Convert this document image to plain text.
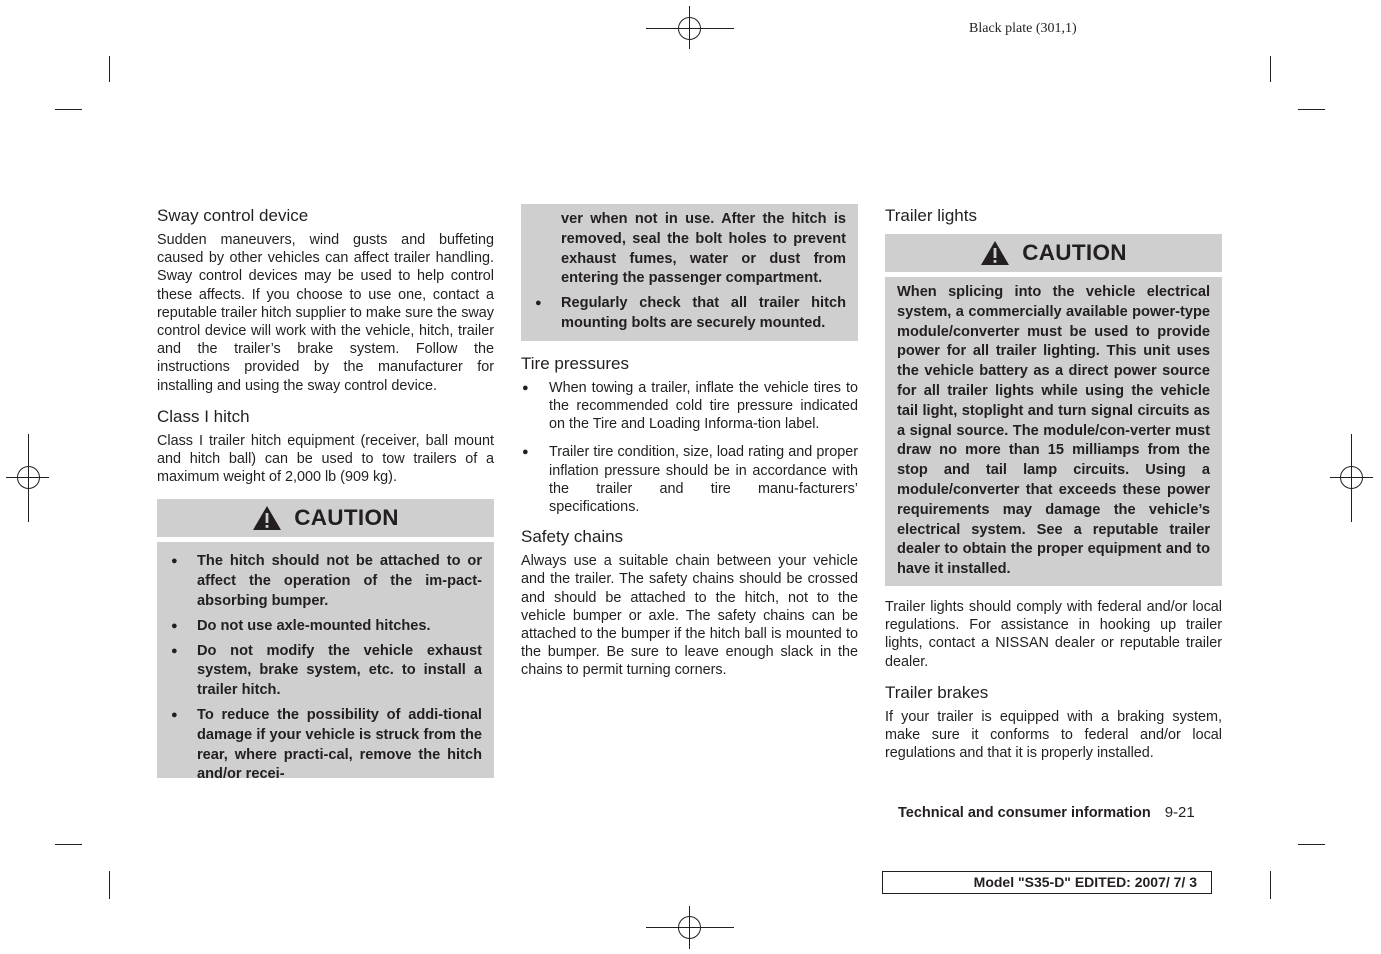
Black plate (301,1)
Sway control device

Sudden maneuvers, wind gusts and buffeting caused by other vehicles can affect trailer handling. Sway control devices may be used to help control these affects. If you choose to use one, contact a reputable trailer hitch supplier to make sure the sway control device will work with the vehicle, hitch, trailer and the trailer’s brake system. Follow the instructions provided by the manufacturer for installing and using the sway control device.

Class I hitch

Class I trailer hitch equipment (receiver, ball mount and hitch ball) can be used to tow trailers of a maximum weight of 2,000 lb (909 kg).

CAUTION
● The hitch should not be attached to or affect the operation of the im-pact-absorbing bumper.
● Do not use axle-mounted hitches.
● Do not modify the vehicle exhaust system, brake system, etc. to install a trailer hitch.
● To reduce the possibility of addi-tional damage if your vehicle is struck from the rear, where practi-cal, remove the hitch and/or recei-

ver when not in use. After the hitch is removed, seal the bolt holes to prevent exhaust fumes, water or dust from entering the passenger compartment.

● Regularly check that all trailer hitch mounting bolts are securely mounted.
Tire pressures
● When towing a trailer, inflate the vehicle tires to the recommended cold tire pressure indicated on the Tire and Loading Informa-tion label.
● Trailer tire condition, size, load rating and proper inflation pressure should be in accordance with the trailer and tire manu-facturers’ specifications.
Safety chains

Always use a suitable chain between your vehicle and the trailer. The safety chains should be crossed and should be attached to the hitch, not to the vehicle bumper or axle. The safety chains can be attached to the bumper if the hitch ball is mounted to the bumper. Be sure to leave enough slack in the chains to permit turning corners.

Trailer lights
CAUTION

When splicing into the vehicle electrical system, a commercially available power-type module/converter must be used to provide power for all trailer lighting. This unit uses the vehicle battery as a direct power source for all trailer lights while using the vehicle tail light, stoplight and turn signal circuits as a signal source. The module/con-verter must draw no more than 15 milliamps from the stop and tail lamp circuits. Using a module/converter that exceeds these power requirements may damage the vehicle’s electrical system. See a reputable trailer dealer to obtain the proper equipment and to have it installed.

Trailer lights should comply with federal and/or local regulations. For assistance in hooking up trailer lights, contact a NISSAN dealer or reputable trailer dealer.

Trailer brakes

If your trailer is equipped with a braking system, make sure it conforms to federal and/or local regulations and that it is properly installed.

Technical and consumer information 9-21
Model "S35-D" EDITED: 2007/ 7/ 3
